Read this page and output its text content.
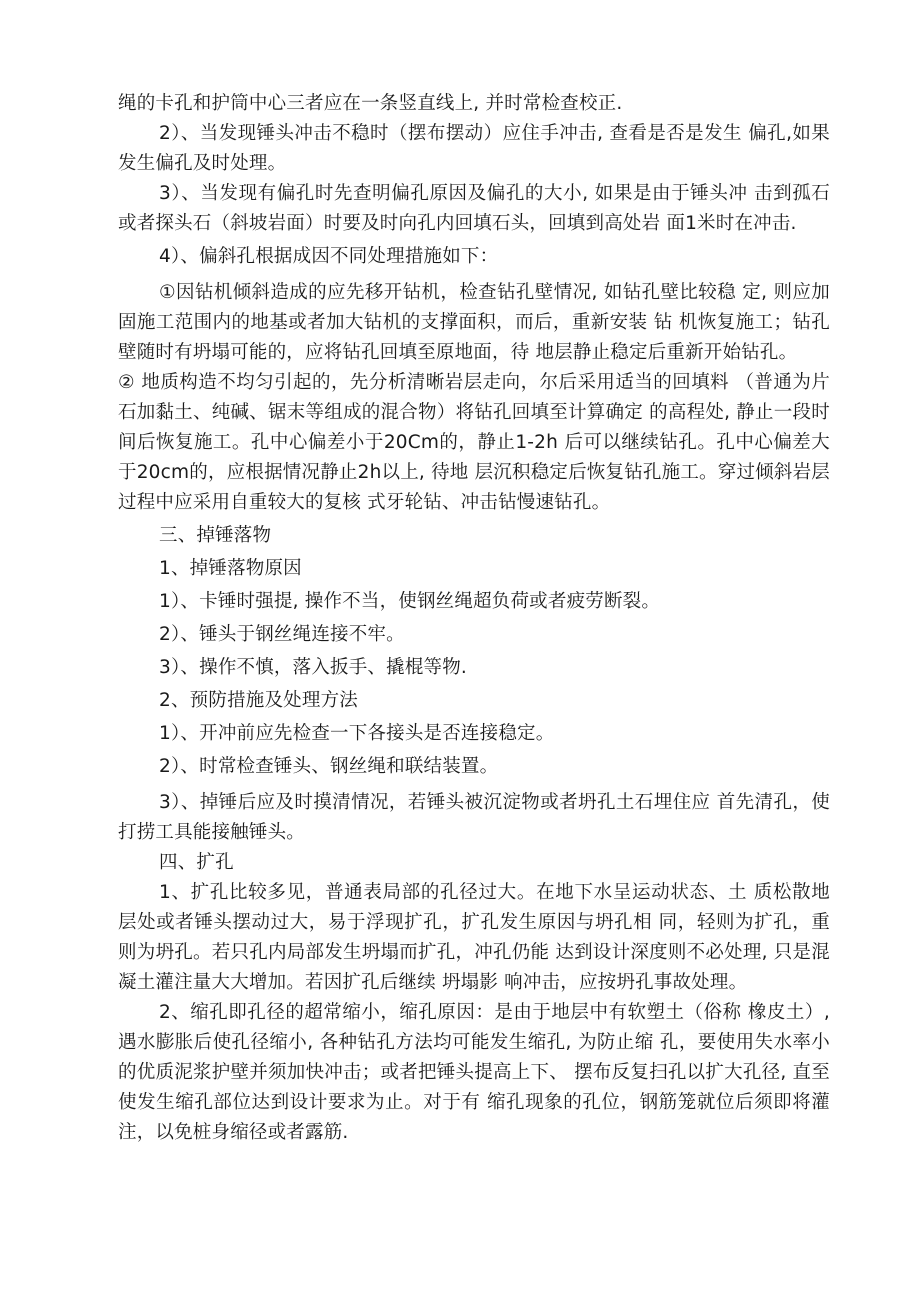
绳的卡孔和护筒中心三者应在一条竖直线上, 并时常检查校正.

2）、当发现锤头冲击不稳时（摆布摆动）应住手冲击, 查看是否是发生 偏孔,如果发生偏孔及时处理。

3）、当发现有偏孔时先查明偏孔原因及偏孔的大小, 如果是由于锤头冲 击到孤石或者探头石（斜坡岩面）时要及时向孔内回填石头，回填到高处岩 面1米时在冲击.

4）、偏斜孔根据成因不同处理措施如下：

①因钻机倾斜造成的应先移开钻机，检查钻孔壁情况, 如钻孔壁比较稳 定, 则应加固施工范围内的地基或者加大钻机的支撑面积，而后，重新安装 钻 机恢复施工；钻孔壁随时有坍塌可能的，应将钻孔回填至原地面，待 地层静止稳定后重新开始钻孔。

② 地质构造不均匀引起的，先分析清晰岩层走向，尔后采用适当的回填料 （普通为片石加黏土、纯碱、锯末等组成的混合物）将钻孔回填至计算确定 的高程处, 静止一段时间后恢复施工。孔中心偏差小于20Cm的，静止1-2h 后可以继续钻孔。孔中心偏差大于20cm的，应根据情况静止2h以上, 待地 层沉积稳定后恢复钻孔施工。穿过倾斜岩层过程中应采用自重较大的复核 式牙轮钻、冲击钻慢速钻孔。

三、掉锤落物

1、掉锤落物原因

1）、卡锤时强提, 操作不当，使钢丝绳超负荷或者疲劳断裂。

2）、锤头于钢丝绳连接不牢。

3）、操作不慎，落入扳手、撬棍等物.

2、预防措施及处理方法

1）、开冲前应先检查一下各接头是否连接稳定。

2）、时常检查锤头、钢丝绳和联结装置。

3）、掉锤后应及时摸清情况，若锤头被沉淀物或者坍孔土石埋住应 首先清孔，使打捞工具能接触锤头。

四、扩孔

1、扩孔比较多见，普通表局部的孔径过大。在地下水呈运动状态、土 质松散地层处或者锤头摆动过大，易于浮现扩孔，扩孔发生原因与坍孔相 同，轻则为扩孔，重则为坍孔。若只孔内局部发生坍塌而扩孔，冲孔仍能 达到设计深度则不必处理, 只是混凝土灌注量大大增加。若因扩孔后继续 坍塌影 响冲击，应按坍孔事故处理。

2、缩孔即孔径的超常缩小，缩孔原因：是由于地层中有软塑土（俗称 橡皮土）, 遇水膨胀后使孔径缩小, 各种钻孔方法均可能发生缩孔, 为防止缩 孔，要使用失水率小的优质泥浆护壁并须加快冲击；或者把锤头提高上下、 摆布反复扫孔以扩大孔径, 直至使发生缩孔部位达到设计要求为止。对于有 缩孔现象的孔位，钢筋笼就位后须即将灌注，以免桩身缩径或者露筋.
